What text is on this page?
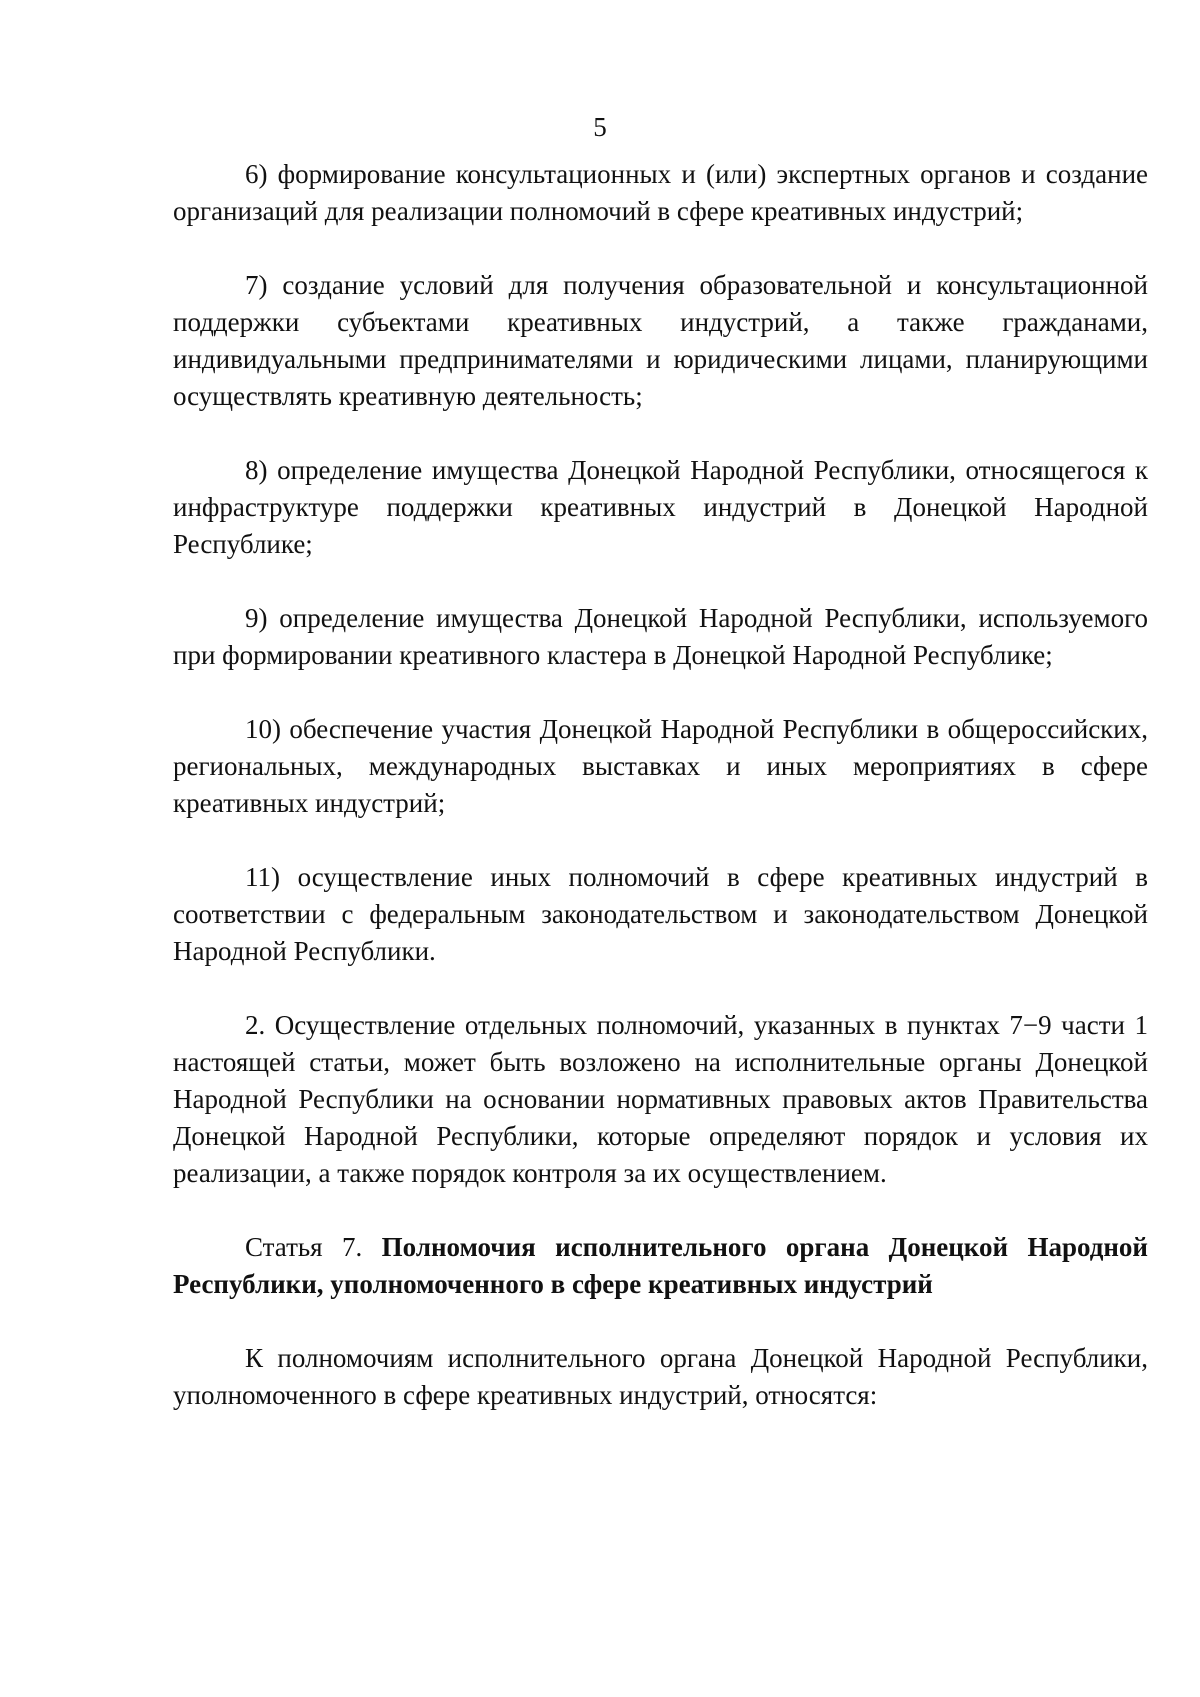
5

6) формирование консультационных и (или) экспертных органов и создание организаций для реализации полномочий в сфере креативных индустрий;

7) создание условий для получения образовательной и консультационной поддержки субъектами креативных индустрий, а также гражданами, индивидуальными предпринимателями и юридическими лицами, планирующими осуществлять креативную деятельность;

8) определение имущества Донецкой Народной Республики, относящегося к инфраструктуре поддержки креативных индустрий в Донецкой Народной Республике;

9) определение имущества Донецкой Народной Республики, используемого при формировании креативного кластера в Донецкой Народной Республике;

10) обеспечение участия Донецкой Народной Республики в общероссийских, региональных, международных выставках и иных мероприятиях в сфере креативных индустрий;

11) осуществление иных полномочий в сфере креативных индустрий в соответствии с федеральным законодательством и законодательством Донецкой Народной Республики.

2. Осуществление отдельных полномочий, указанных в пунктах 7−9 части 1 настоящей статьи, может быть возложено на исполнительные органы Донецкой Народной Республики на основании нормативных правовых актов Правительства Донецкой Народной Республики, которые определяют порядок и условия их реализации, а также порядок контроля за их осуществлением.

Статья 7. Полномочия исполнительного органа Донецкой Народной Республики, уполномоченного в сфере креативных индустрий

К полномочиям исполнительного органа Донецкой Народной Республики, уполномоченного в сфере креативных индустрий, относятся:
